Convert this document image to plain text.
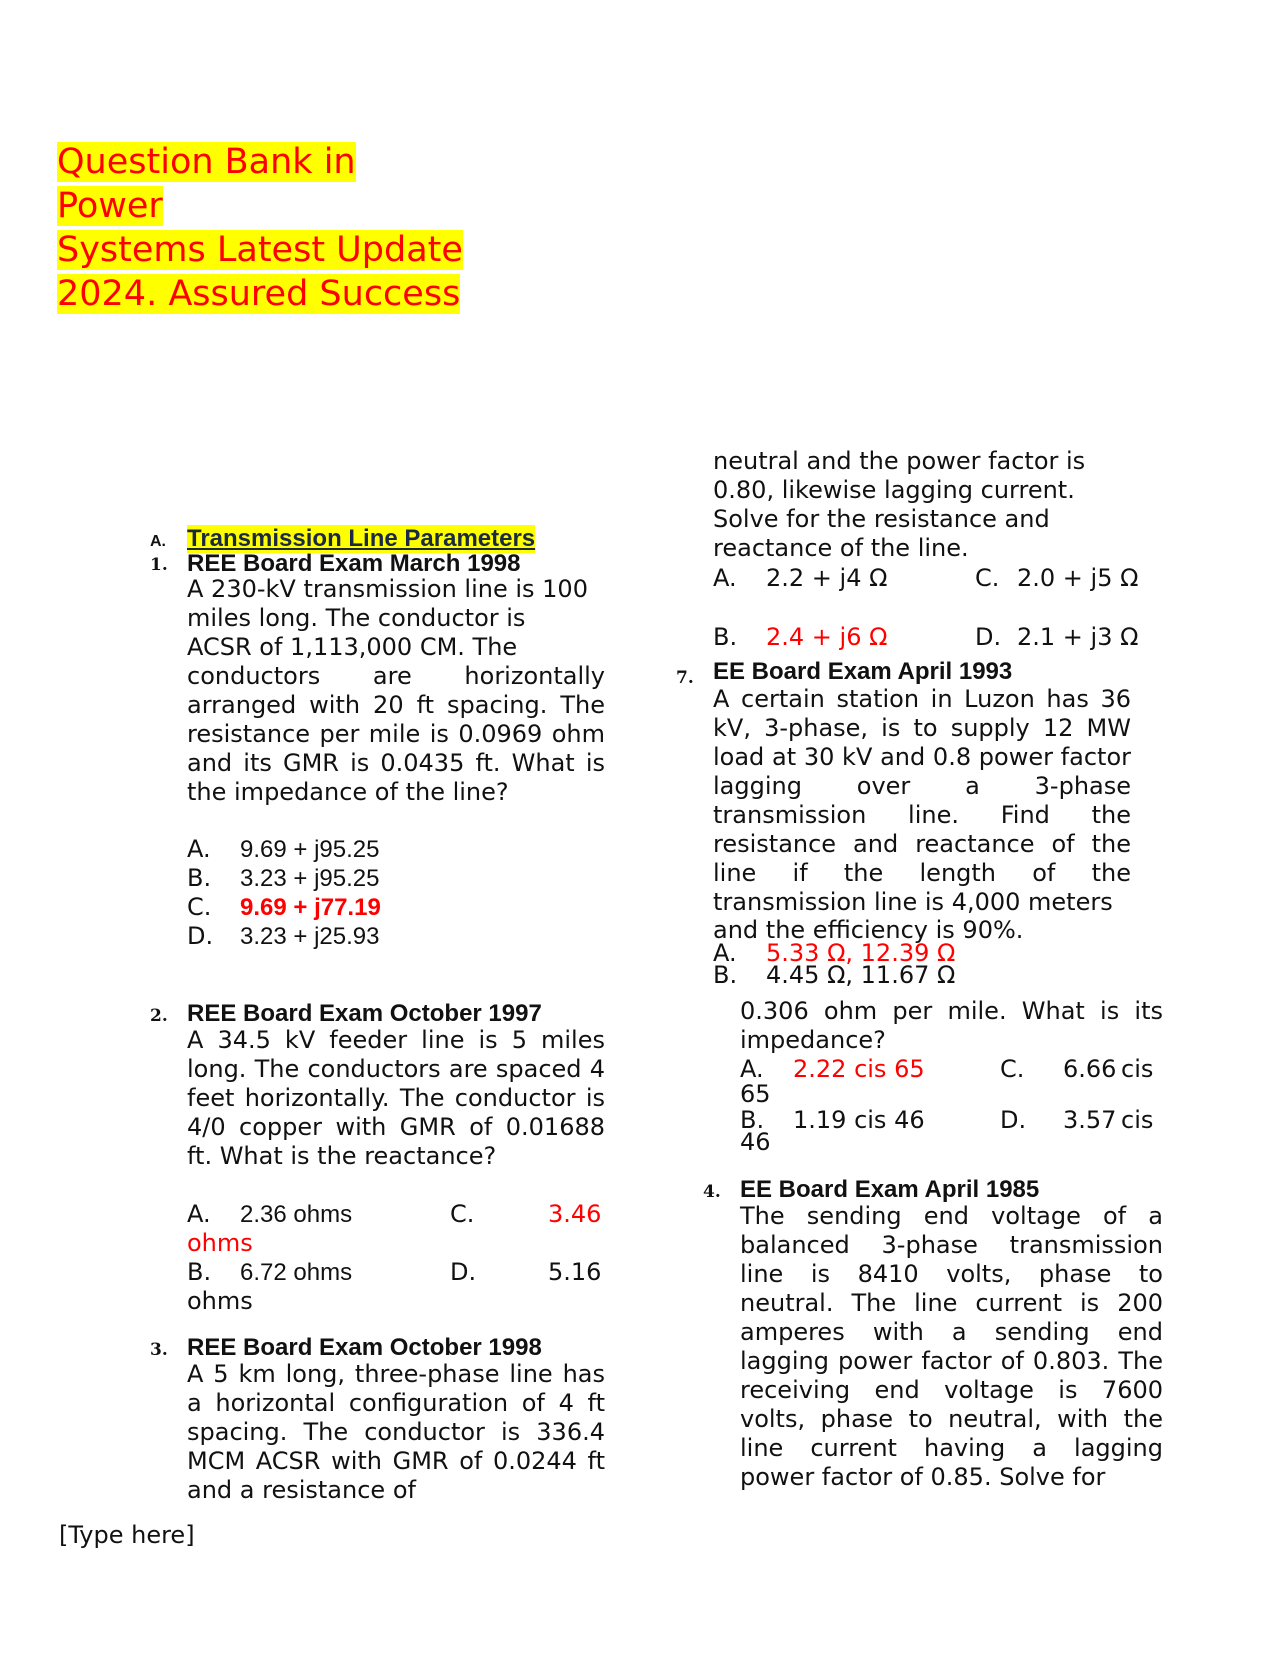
Question Bank in Power
Systems Latest Update
2024. Assured Success
A. Transmission Line Parameters
1. REE Board Exam March 1998
A 230-kV transmission line is 100
miles long. The conductor is
ACSR of 1,113,000 CM. The
conductors are horizontally arranged with 20 ft spacing. The resistance per mile is 0.0969 ohm and its GMR is 0.0435 ft. What is the impedance of the line?
A. 9.69 + j95.25
B. 3.23 + j95.25
C. 9.69 + j77.19
D. 3.23 + j25.93
2. REE Board Exam October 1997
A 34.5 kV feeder line is 5 miles long. The conductors are spaced 4 feet horizontally. The conductor is 4/0 copper with GMR of 0.01688 ft. What is the reactance?
A. 2.36 ohms	C.	3.46
ohms
B. 6.72 ohms	D.	5.16
ohms
3. REE Board Exam October 1998
A 5 km long, three-phase line has a horizontal configuration of 4 ft spacing. The conductor is 336.4 MCM ACSR with GMR of 0.0244 ft and a resistance of
[Type here]
neutral and the power factor is
0.80, likewise lagging current.
Solve for the resistance and
reactance of the line.
A. 2.2 + j4 Ω	C. 2.0 + j5 Ω
B. 2.4 + j6 Ω	D. 2.1 + j3 Ω
7. EE Board Exam April 1993
A certain station in Luzon has 36 kV, 3-phase, is to supply 12 MW load at 30 kV and 0.8 power factor lagging over a 3-phase transmission line. Find the resistance and reactance of the line if the length of the transmission line is 4,000 meters
and the efficiency is 90%.
A. 5.33 Ω, 12.39 Ω
B. 4.45 Ω, 11.67 Ω
0.306 ohm per mile. What is its impedance?
A. 2.22 cis 65	C. 6.66 cis
65
B. 1.19 cis 46	D. 3.57 cis
46
4. EE Board Exam April 1985
The sending end voltage of a balanced 3-phase transmission line is 8410 volts, phase to neutral. The line current is 200 amperes with a sending end lagging power factor of 0.803. The receiving end voltage is 7600 volts, phase to neutral, with the line current having a lagging power factor of 0.85. Solve for
